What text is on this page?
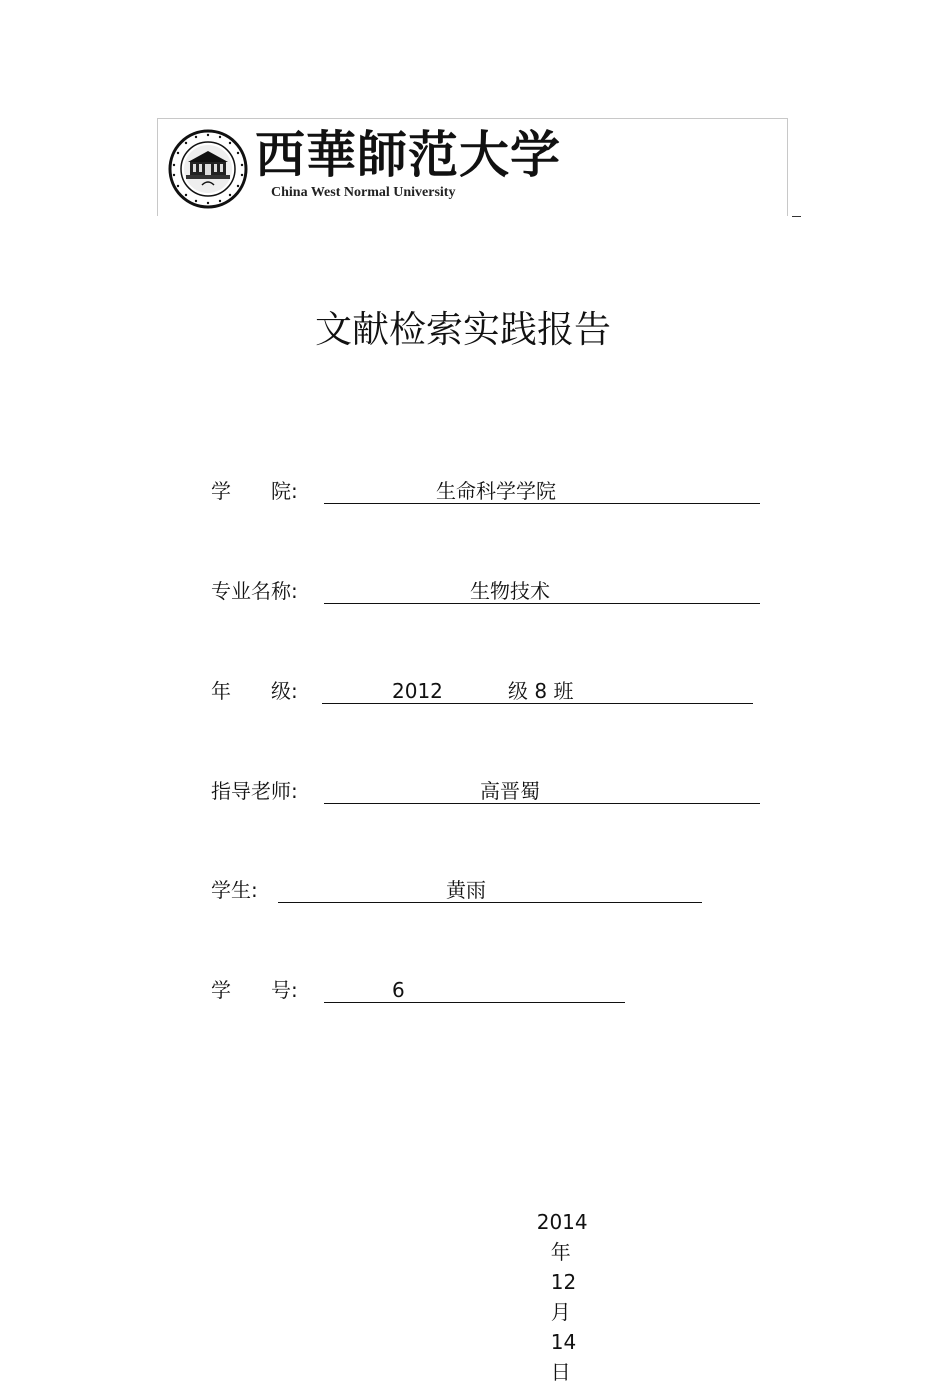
西華師范大学
China West Normal University
文献检索实践报告
学　　院:	生命科学学院
专业名称:	生物技术
年　　级:	2012	级 8 班
指导老师:	高晋蜀
学生:	黄雨
学　　号:	6

2014
年
12
月
14
日
